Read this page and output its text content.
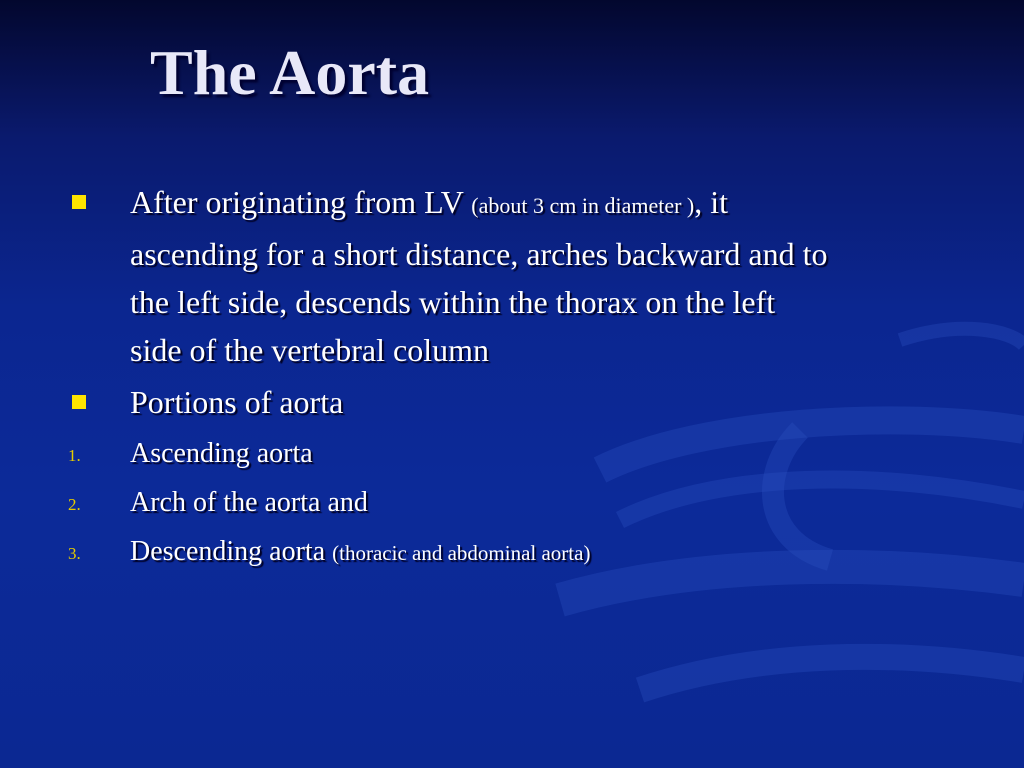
The Aorta
After originating from LV (about 3 cm in diameter ), it
ascending for a short distance, arches backward and to
the left side, descends within the thorax on the left
side of the vertebral column
Portions of aorta
1. Ascending aorta
2. Arch of the aorta and
3. Descending aorta (thoracic and abdominal aorta)
